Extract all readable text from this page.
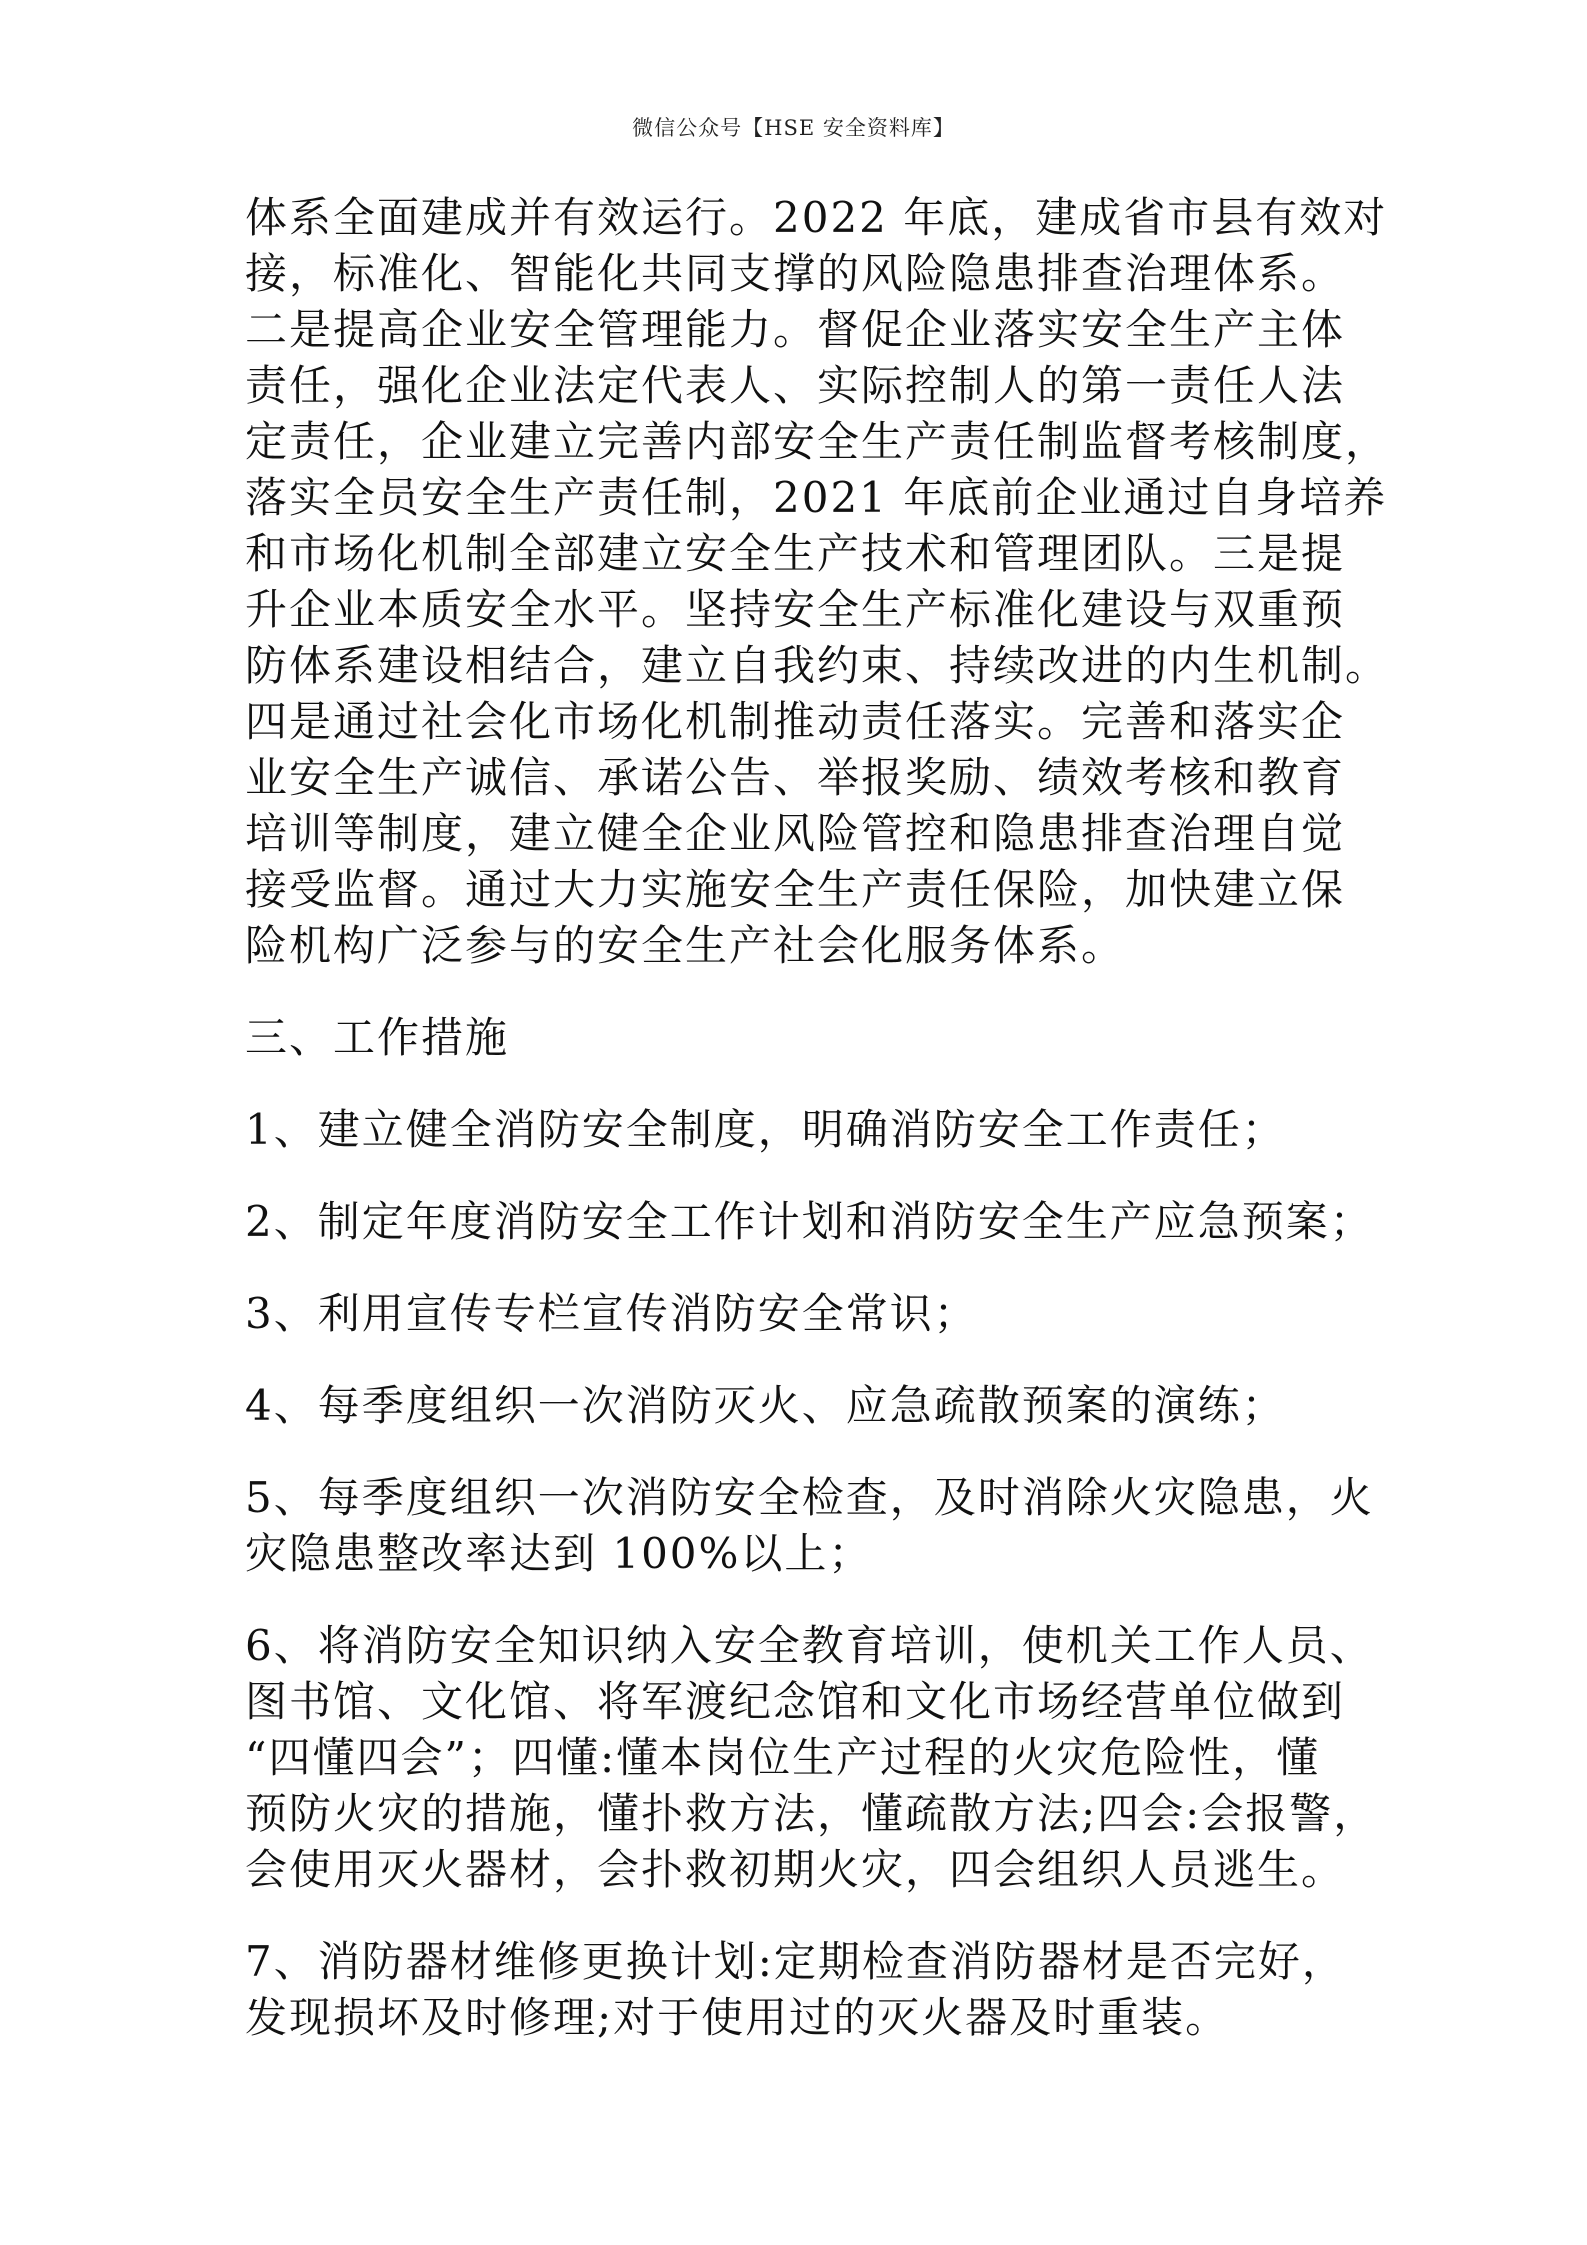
微信公众号【HSE 安全资料库】
体系全面建成并有效运行。2022 年底，建成省市县有效对
接，标准化、智能化共同支撑的风险隐患排查治理体系。
二是提高企业安全管理能力。督促企业落实安全生产主体
责任，强化企业法定代表人、实际控制人的第一责任人法
定责任，企业建立完善内部安全生产责任制监督考核制度，
落实全员安全生产责任制，2021 年底前企业通过自身培养
和市场化机制全部建立安全生产技术和管理团队。三是提
升企业本质安全水平。坚持安全生产标准化建设与双重预
防体系建设相结合，建立自我约束、持续改进的内生机制。
四是通过社会化市场化机制推动责任落实。完善和落实企
业安全生产诚信、承诺公告、举报奖励、绩效考核和教育
培训等制度，建立健全企业风险管控和隐患排查治理自觉
接受监督。通过大力实施安全生产责任保险，加快建立保
险机构广泛参与的安全生产社会化服务体系。
三、工作措施
1、建立健全消防安全制度，明确消防安全工作责任；
2、制定年度消防安全工作计划和消防安全生产应急预案；
3、利用宣传专栏宣传消防安全常识；
4、每季度组织一次消防灭火、应急疏散预案的演练；
5、每季度组织一次消防安全检查，及时消除火灾隐患，火
灾隐患整改率达到 100%以上；
6、将消防安全知识纳入安全教育培训，使机关工作人员、
图书馆、文化馆、将军渡纪念馆和文化市场经营单位做到
“四懂四会”；四懂:懂本岗位生产过程的火灾危险性，懂
预防火灾的措施，懂扑救方法，懂疏散方法;四会:会报警，
会使用灭火器材，会扑救初期火灾，四会组织人员逃生。
7、消防器材维修更换计划:定期检查消防器材是否完好，
发现损坏及时修理;对于使用过的灭火器及时重装。
